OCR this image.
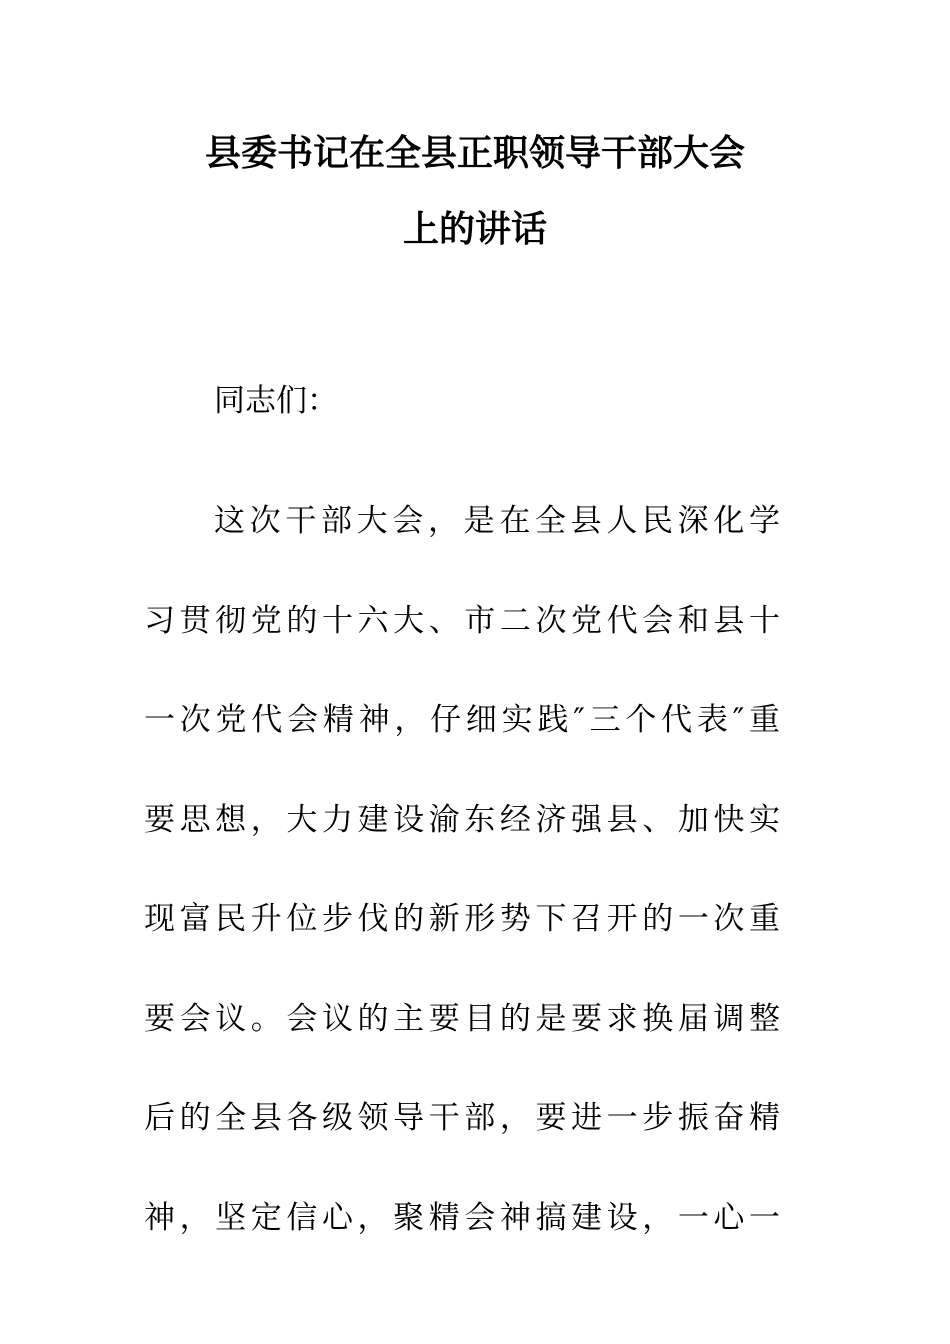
县委书记在全县正职领导干部大会
上的讲话

同志们：

这次干部大会，是在全县人民深化学
习贯彻党的十六大、市二次党代会和县十
一次党代会精神，仔细实践″三个代表″重
要思想，大力建设渝东经济强县、加快实
现富民升位步伐的新形势下召开的一次重
要会议。会议的主要目的是要求换届调整
后的全县各级领导干部，要进一步振奋精
神，坚定信心，聚精会神搞建设，一心一
